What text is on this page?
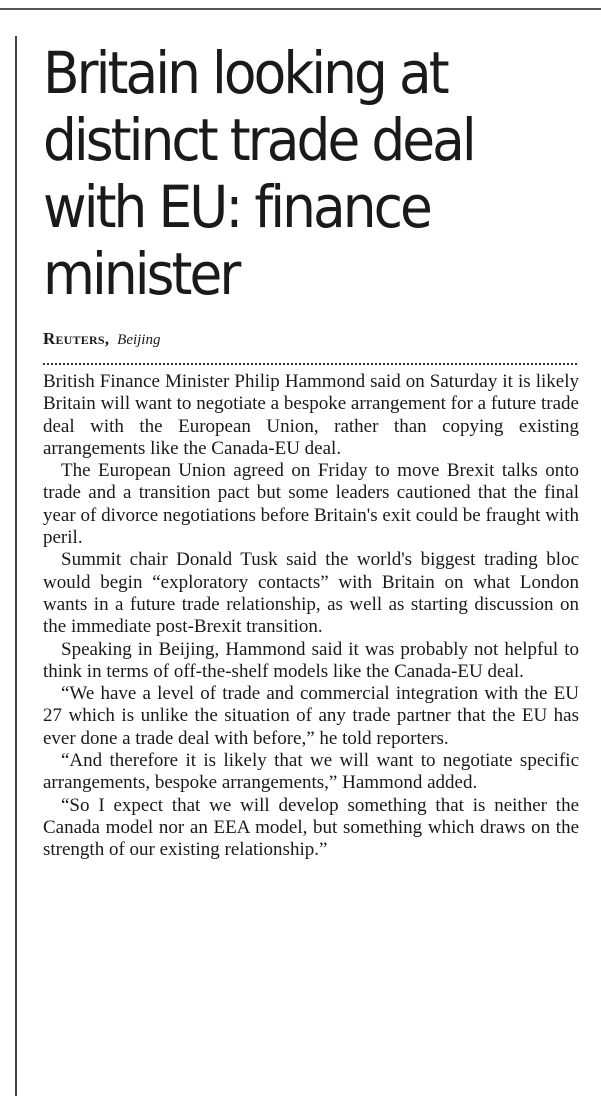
Britain looking at distinct trade deal with EU: finance minister
Reuters, Beijing

British Finance Minister Philip Hammond said on Saturday it is likely Britain will want to negotiate a bespoke arrangement for a future trade deal with the European Union, rather than copying existing arrangements like the Canada-EU deal.

The European Union agreed on Friday to move Brexit talks onto trade and a transition pact but some leaders cautioned that the final year of divorce negotiations before Britain's exit could be fraught with peril.

Summit chair Donald Tusk said the world's biggest trading bloc would begin “exploratory contacts” with Britain on what London wants in a future trade relationship, as well as starting discussion on the immediate post-Brexit transition.

Speaking in Beijing, Hammond said it was probably not helpful to think in terms of off-the-shelf models like the Canada-EU deal.

“We have a level of trade and commercial integration with the EU 27 which is unlike the situation of any trade partner that the EU has ever done a trade deal with before,” he told reporters.

“And therefore it is likely that we will want to negotiate specific arrangements, bespoke arrangements,” Hammond added.

“So I expect that we will develop something that is neither the Canada model nor an EEA model, but something which draws on the strength of our existing relationship.”
